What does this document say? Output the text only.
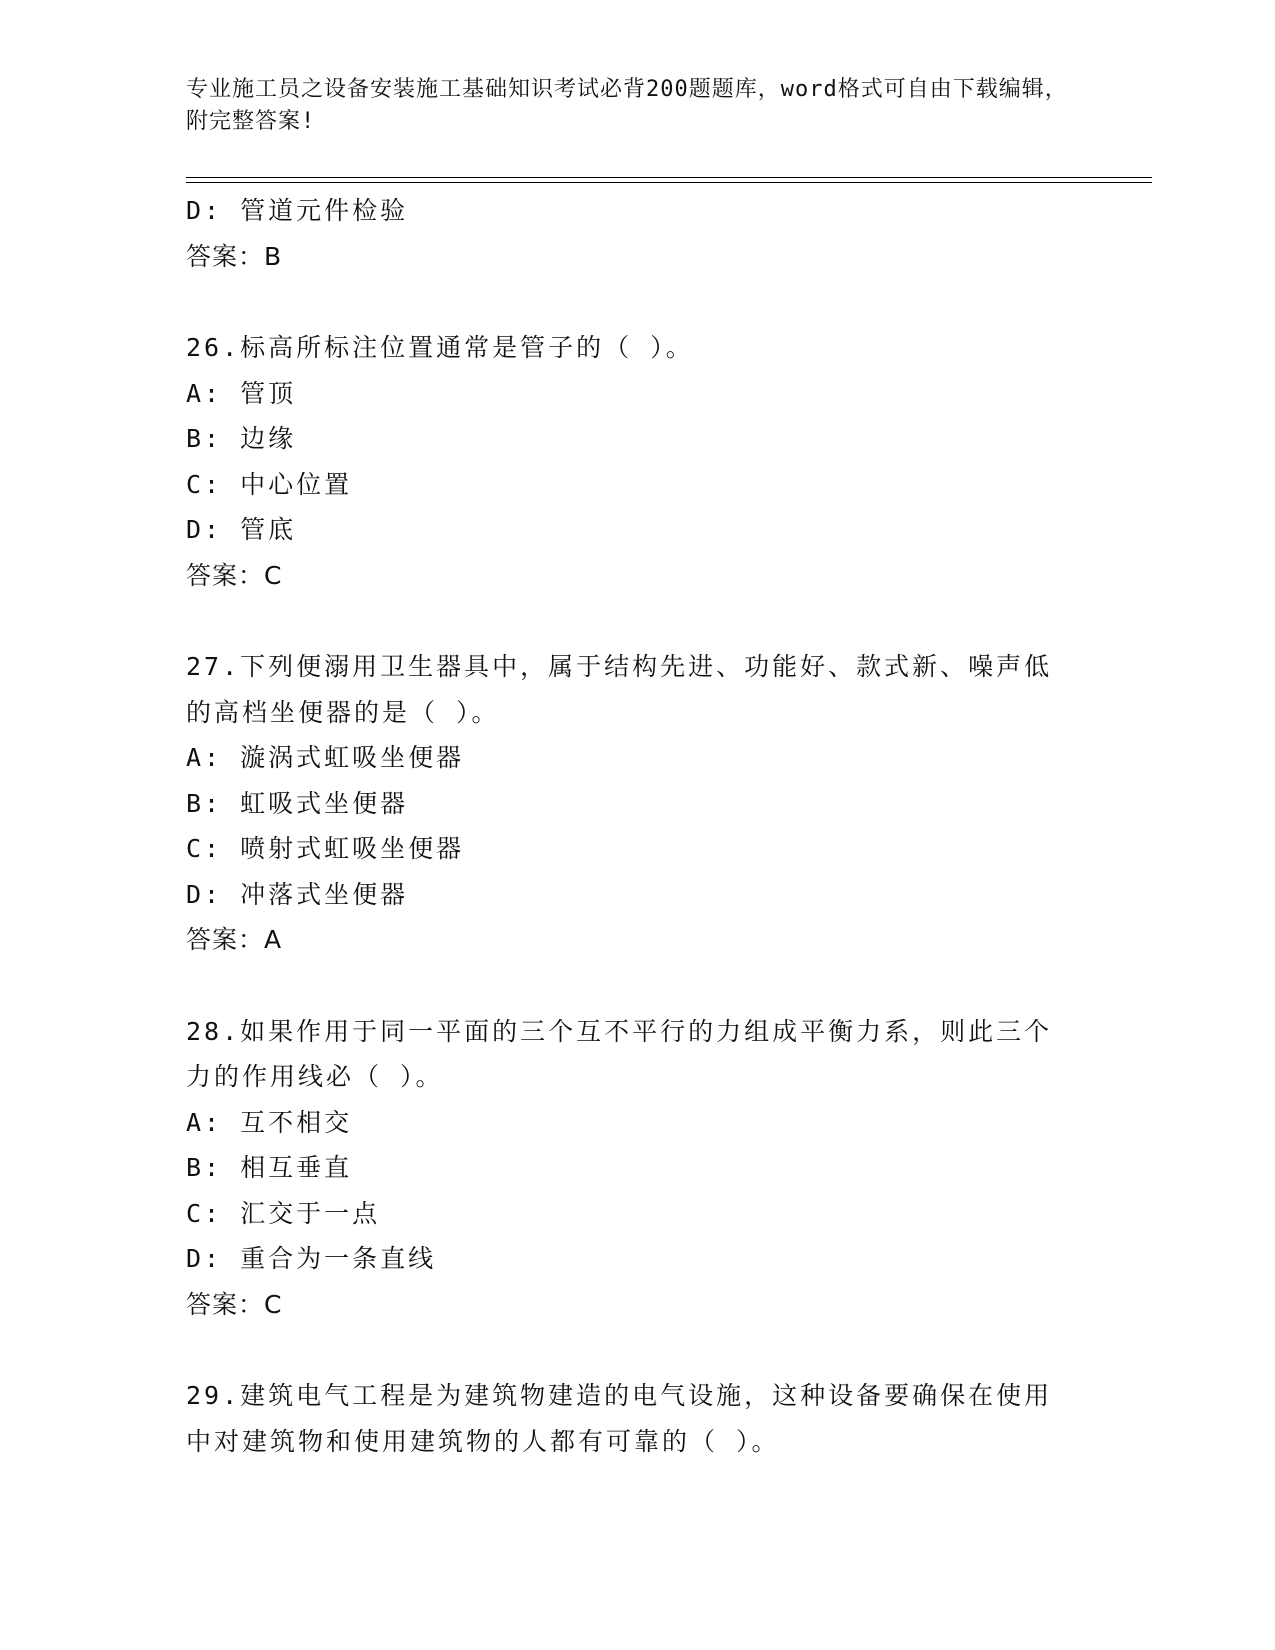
专业施工员之设备安装施工基础知识考试必背200题题库，word格式可自由下载编辑，附完整答案!
D: 管道元件检验
答案：B
26.标高所标注位置通常是管子的（ ）。
A: 管顶
B: 边缘
C: 中心位置
D: 管底
答案：C
27.下列便溺用卫生器具中，属于结构先进、功能好、款式新、噪声低的高档坐便器的是（ ）。
A: 漩涡式虹吸坐便器
B: 虹吸式坐便器
C: 喷射式虹吸坐便器
D: 冲落式坐便器
答案：A
28.如果作用于同一平面的三个互不平行的力组成平衡力系，则此三个力的作用线必（ ）。
A: 互不相交
B: 相互垂直
C: 汇交于一点
D: 重合为一条直线
答案：C
29.建筑电气工程是为建筑物建造的电气设施，这种设备要确保在使用中对建筑物和使用建筑物的人都有可靠的（ ）。
